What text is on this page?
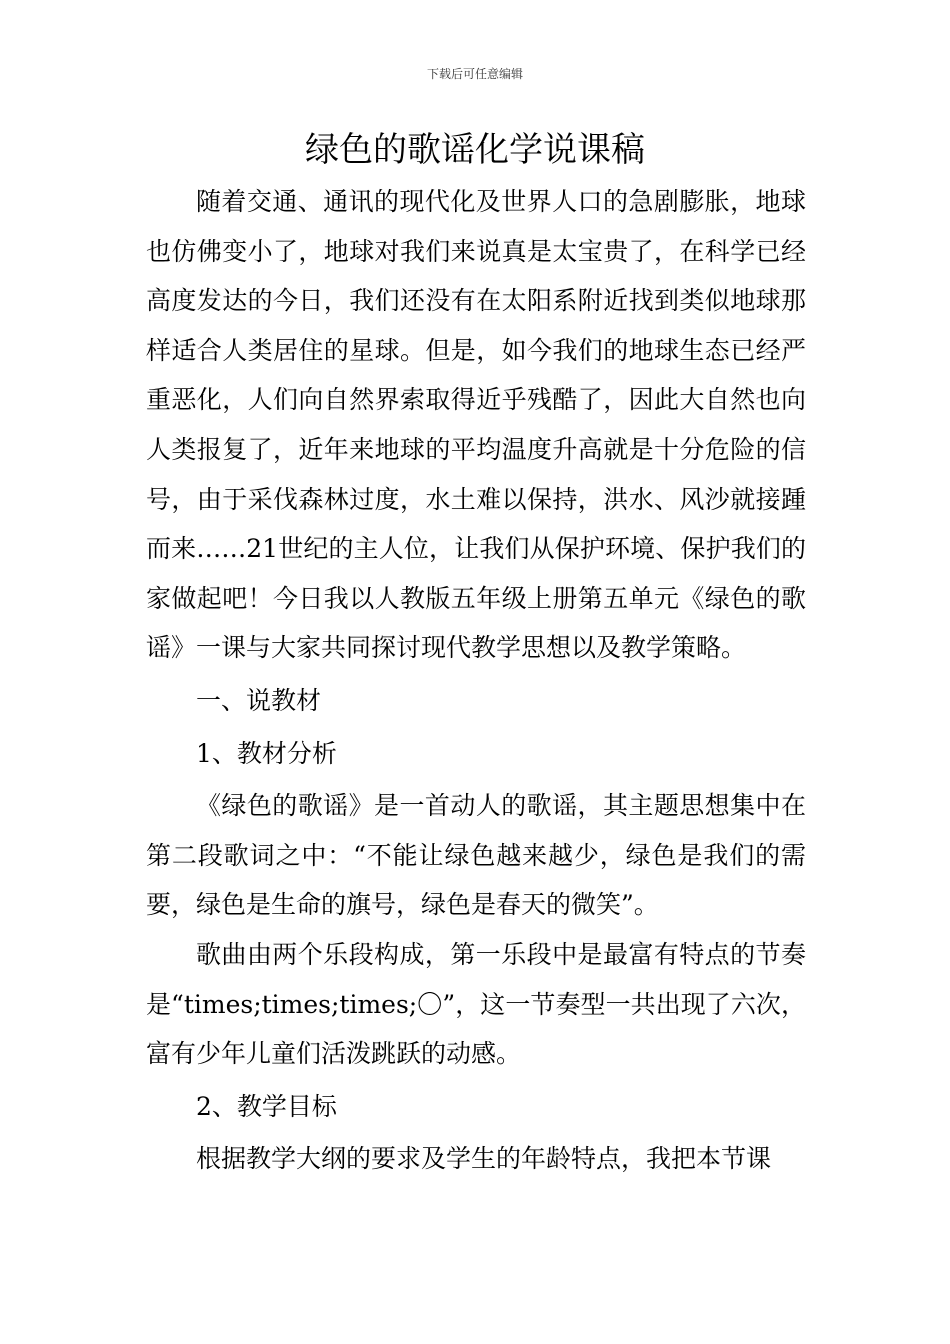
下载后可任意编辑
绿色的歌谣化学说课稿

随着交通、通讯的现代化及世界人口的急剧膨胀，地球也仿佛变小了，地球对我们来说真是太宝贵了，在科学已经高度发达的今日，我们还没有在太阳系附近找到类似地球那样适合人类居住的星球。但是，如今我们的地球生态已经严重恶化，人们向自然界索取得近乎残酷了，因此大自然也向人类报复了，近年来地球的平均温度升高就是十分危险的信号，由于采伐森林过度，水土难以保持，洪水、风沙就接踵而来……21世纪的主人位，让我们从保护环境、保护我们的家做起吧！今日我以人教版五年级上册第五单元《绿色的歌谣》一课与大家共同探讨现代教学思想以及教学策略。

一、说教材

1、教材分析

《绿色的歌谣》是一首动人的歌谣，其主题思想集中在第二段歌词之中：“不能让绿色越来越少，绿色是我们的需要，绿色是生命的旗号，绿色是春天的微笑”。

歌曲由两个乐段构成，第一乐段中是最富有特点的节奏是“times;times;times;〇”，这一节奏型一共出现了六次，富有少年儿童们活泼跳跃的动感。

2、教学目标

根据教学大纲的要求及学生的年龄特点，我把本节课
